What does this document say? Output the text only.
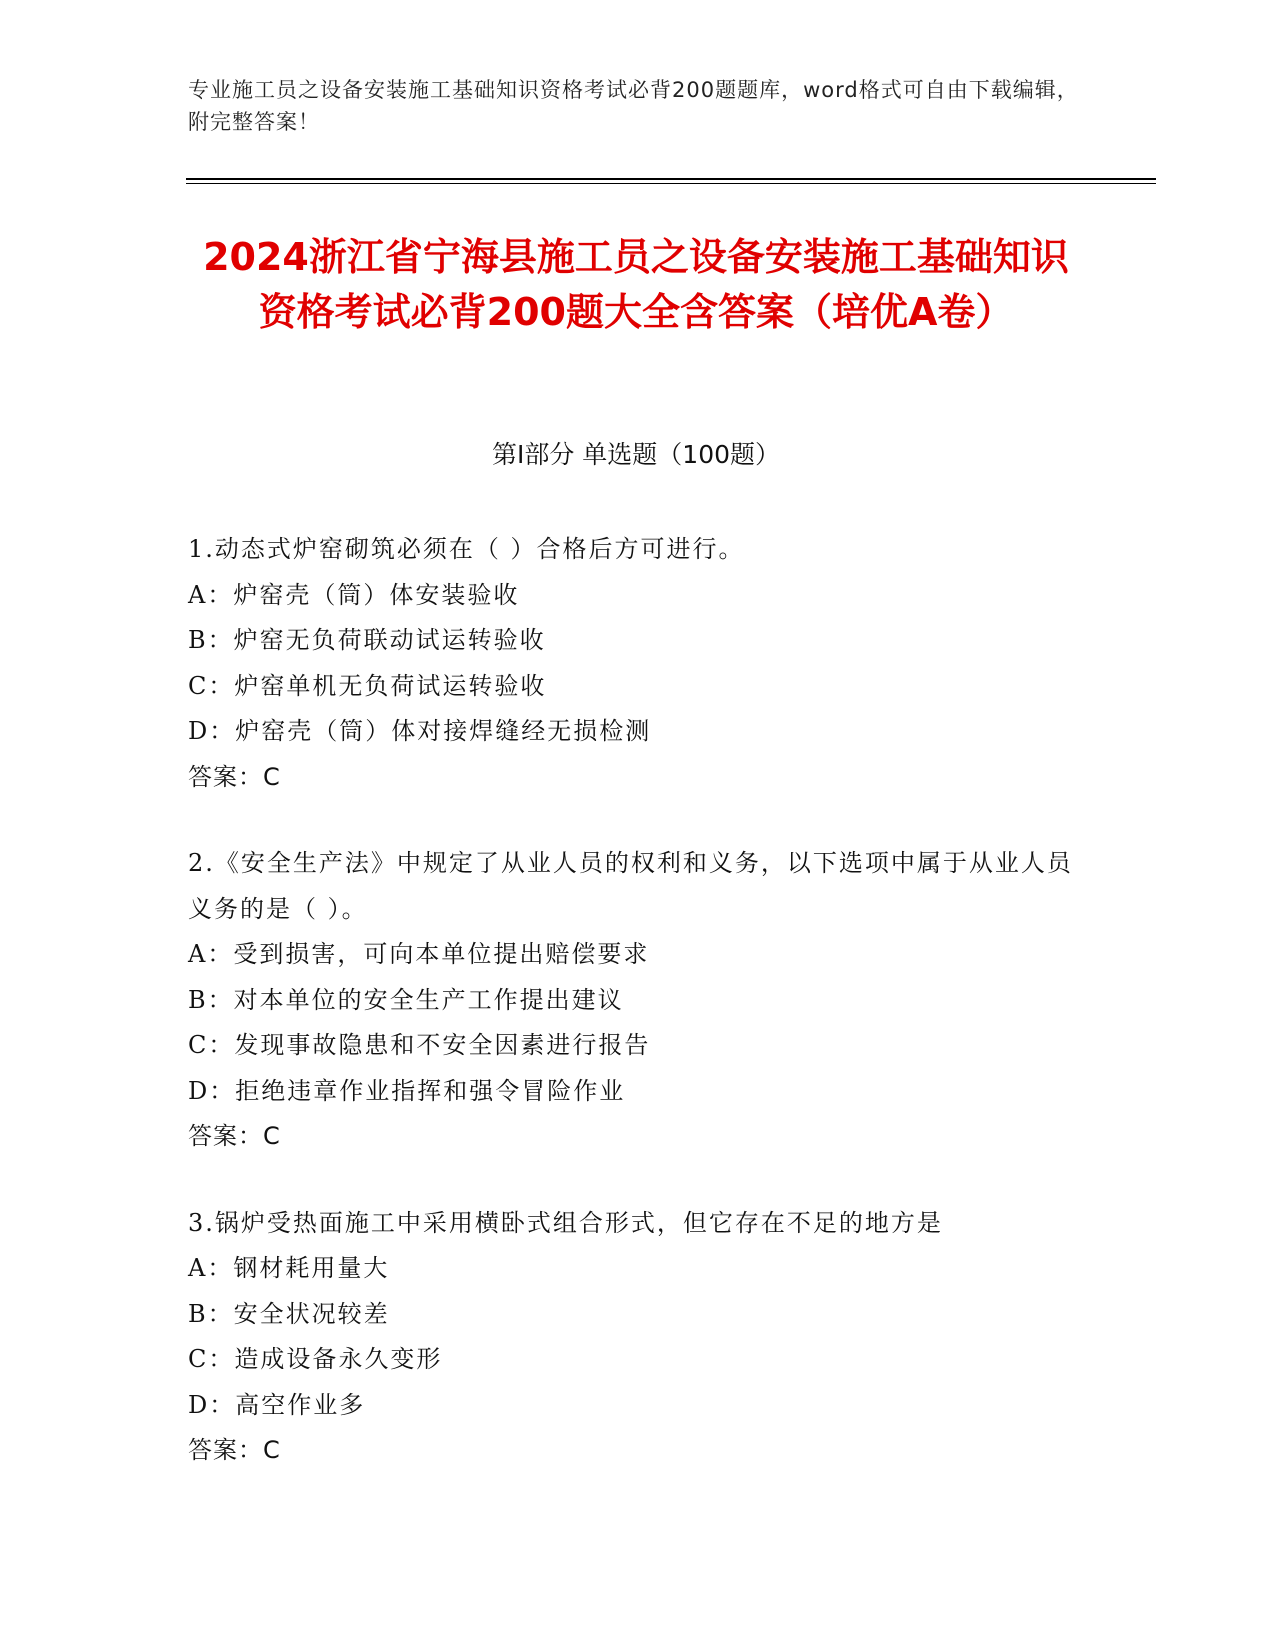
专业施工员之设备安装施工基础知识资格考试必背200题题库，word格式可自由下载编辑，附完整答案！
2024浙江省宁海县施工员之设备安装施工基础知识资格考试必背200题大全含答案（培优A卷）
第I部分 单选题（100题）
1.动态式炉窑砌筑必须在（ ）合格后方可进行。
A：炉窑壳（筒）体安装验收
B：炉窑无负荷联动试运转验收
C：炉窑单机无负荷试运转验收
D：炉窑壳（筒）体对接焊缝经无损检测
答案：C
2.《安全生产法》中规定了从业人员的权利和义务，以下选项中属于从业人员义务的是（ ）。
A：受到损害，可向本单位提出赔偿要求
B：对本单位的安全生产工作提出建议
C：发现事故隐患和不安全因素进行报告
D：拒绝违章作业指挥和强令冒险作业
答案：C
3.锅炉受热面施工中采用横卧式组合形式，但它存在不足的地方是
A：钢材耗用量大
B：安全状况较差
C：造成设备永久变形
D：高空作业多
答案：C
